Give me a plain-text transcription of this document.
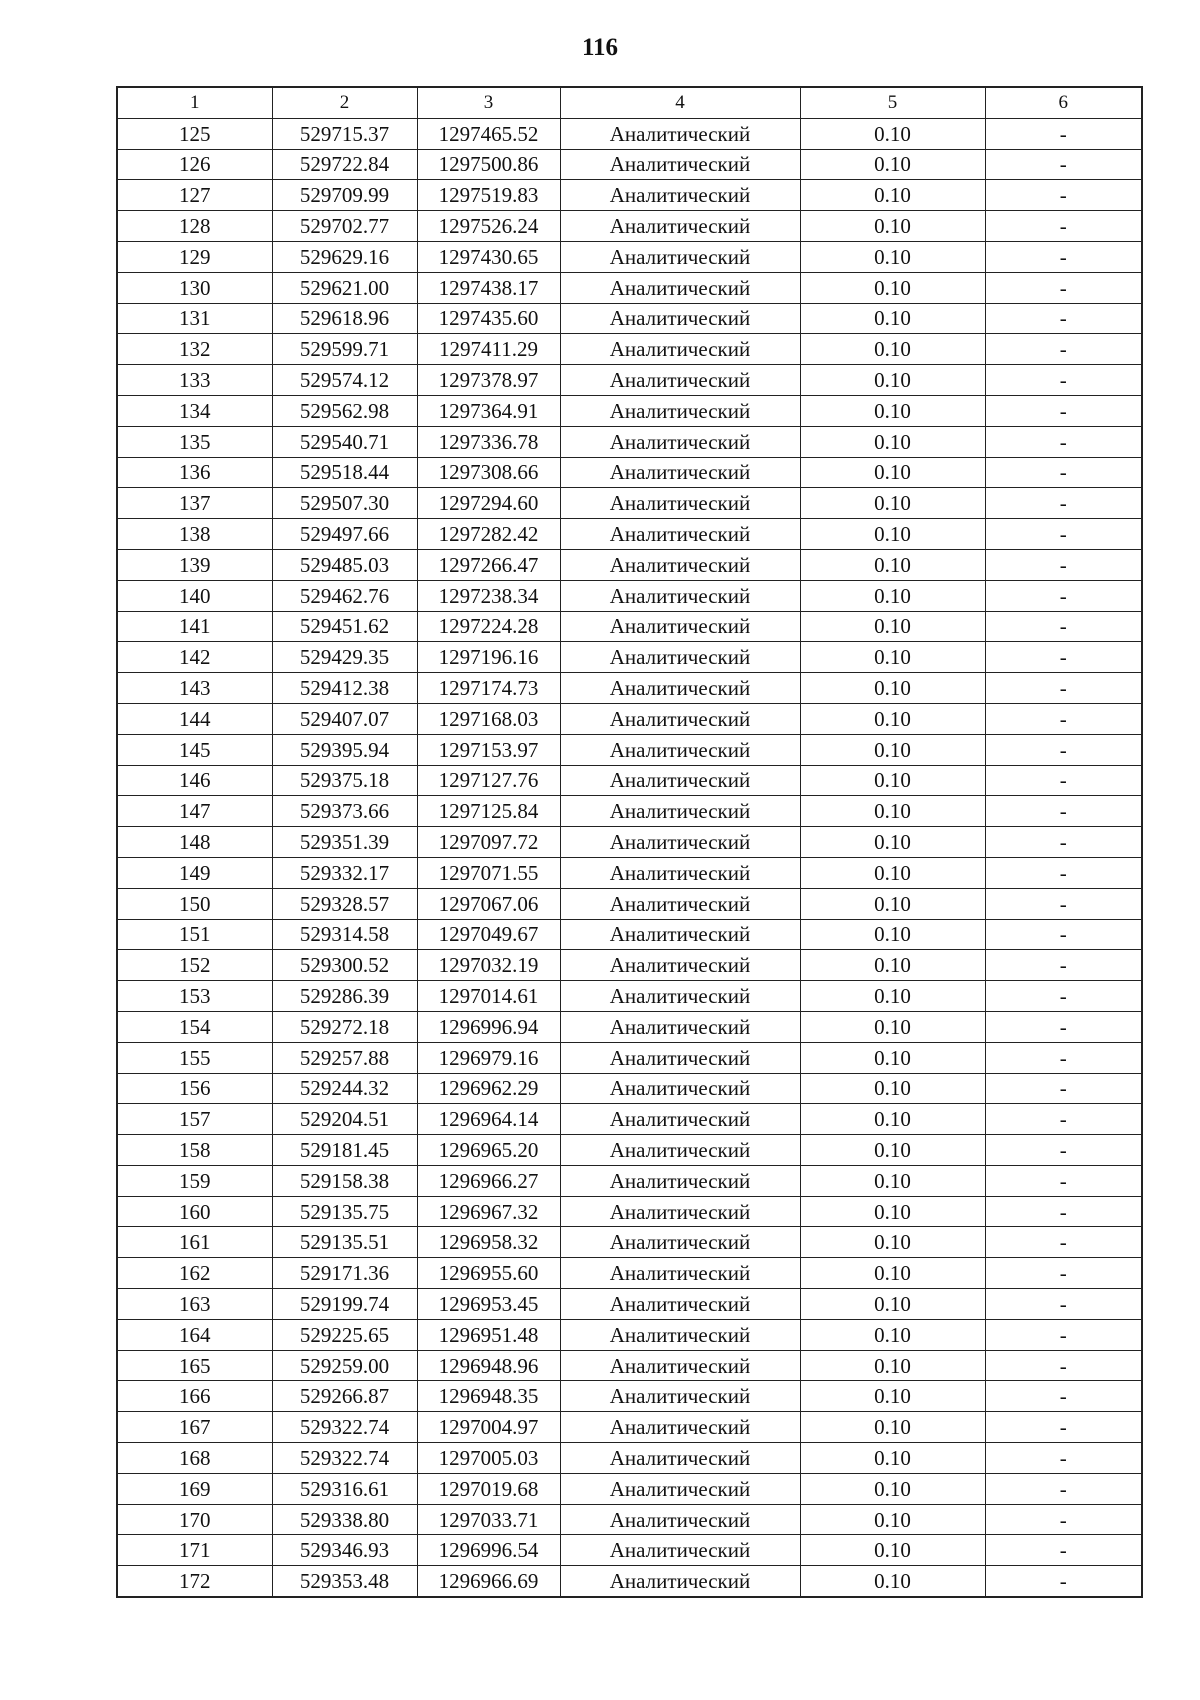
116
1	2	3	4	5	6
125	529715.37	1297465.52	Аналитический	0.10	-
126	529722.84	1297500.86	Аналитический	0.10	-
127	529709.99	1297519.83	Аналитический	0.10	-
128	529702.77	1297526.24	Аналитический	0.10	-
129	529629.16	1297430.65	Аналитический	0.10	-
130	529621.00	1297438.17	Аналитический	0.10	-
131	529618.96	1297435.60	Аналитический	0.10	-
132	529599.71	1297411.29	Аналитический	0.10	-
133	529574.12	1297378.97	Аналитический	0.10	-
134	529562.98	1297364.91	Аналитический	0.10	-
135	529540.71	1297336.78	Аналитический	0.10	-
136	529518.44	1297308.66	Аналитический	0.10	-
137	529507.30	1297294.60	Аналитический	0.10	-
138	529497.66	1297282.42	Аналитический	0.10	-
139	529485.03	1297266.47	Аналитический	0.10	-
140	529462.76	1297238.34	Аналитический	0.10	-
141	529451.62	1297224.28	Аналитический	0.10	-
142	529429.35	1297196.16	Аналитический	0.10	-
143	529412.38	1297174.73	Аналитический	0.10	-
144	529407.07	1297168.03	Аналитический	0.10	-
145	529395.94	1297153.97	Аналитический	0.10	-
146	529375.18	1297127.76	Аналитический	0.10	-
147	529373.66	1297125.84	Аналитический	0.10	-
148	529351.39	1297097.72	Аналитический	0.10	-
149	529332.17	1297071.55	Аналитический	0.10	-
150	529328.57	1297067.06	Аналитический	0.10	-
151	529314.58	1297049.67	Аналитический	0.10	-
152	529300.52	1297032.19	Аналитический	0.10	-
153	529286.39	1297014.61	Аналитический	0.10	-
154	529272.18	1296996.94	Аналитический	0.10	-
155	529257.88	1296979.16	Аналитический	0.10	-
156	529244.32	1296962.29	Аналитический	0.10	-
157	529204.51	1296964.14	Аналитический	0.10	-
158	529181.45	1296965.20	Аналитический	0.10	-
159	529158.38	1296966.27	Аналитический	0.10	-
160	529135.75	1296967.32	Аналитический	0.10	-
161	529135.51	1296958.32	Аналитический	0.10	-
162	529171.36	1296955.60	Аналитический	0.10	-
163	529199.74	1296953.45	Аналитический	0.10	-
164	529225.65	1296951.48	Аналитический	0.10	-
165	529259.00	1296948.96	Аналитический	0.10	-
166	529266.87	1296948.35	Аналитический	0.10	-
167	529322.74	1297004.97	Аналитический	0.10	-
168	529322.74	1297005.03	Аналитический	0.10	-
169	529316.61	1297019.68	Аналитический	0.10	-
170	529338.80	1297033.71	Аналитический	0.10	-
171	529346.93	1296996.54	Аналитический	0.10	-
172	529353.48	1296966.69	Аналитический	0.10	-
